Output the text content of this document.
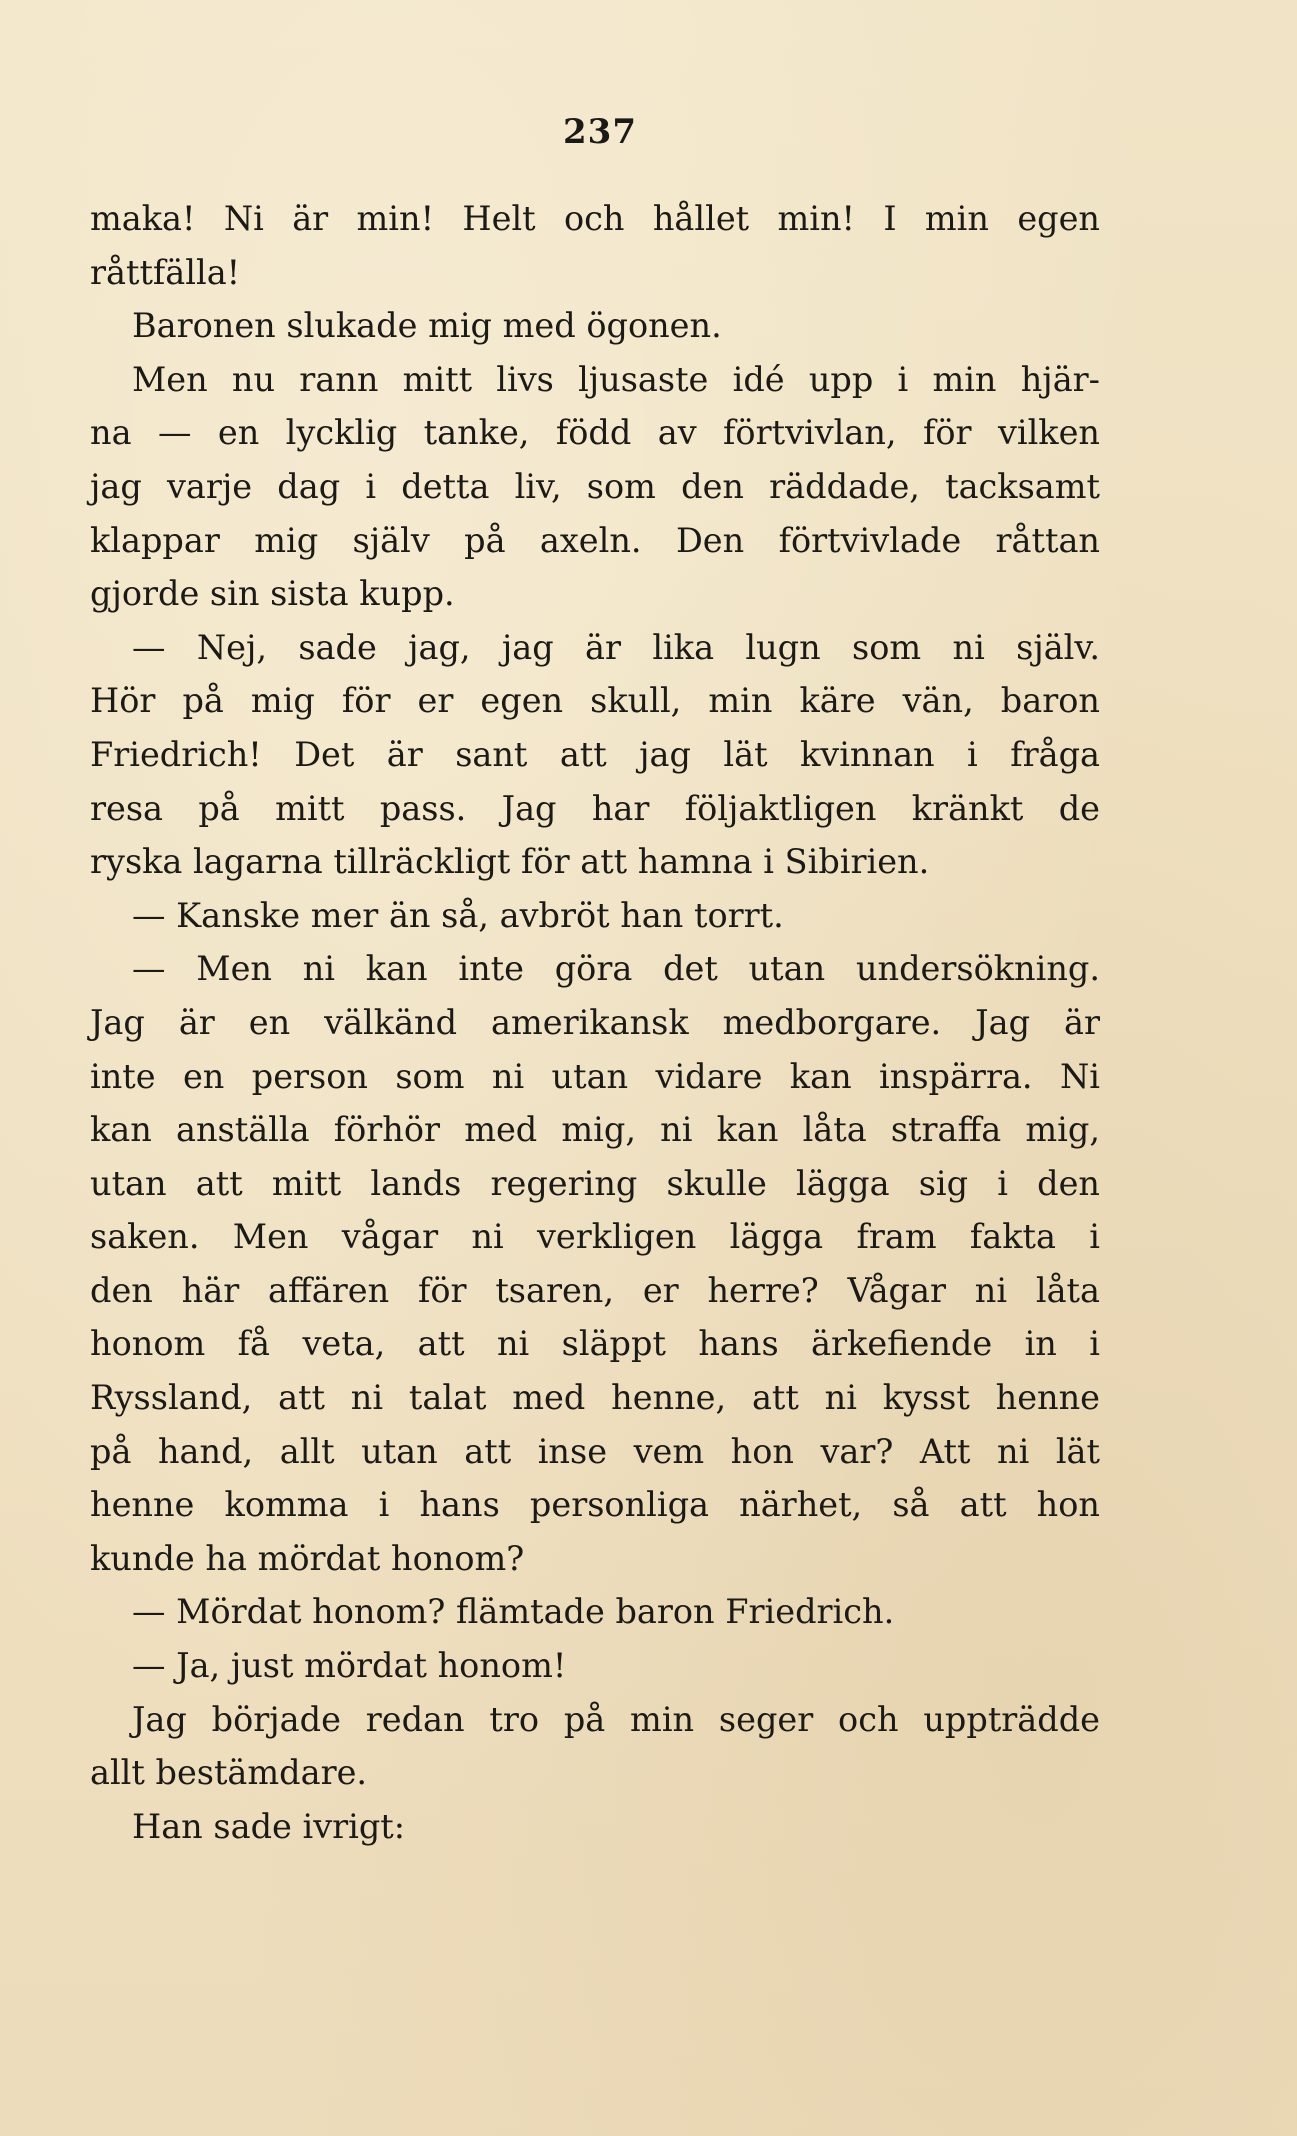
237
maka! Ni är min! Helt och hållet min! I min egen
råttfälla!
Baronen slukade mig med ögonen.
Men nu rann mitt livs ljusaste idé upp i min hjär-
na — en lycklig tanke, född av förtvivlan, för vilken
jag varje dag i detta liv, som den räddade, tacksamt
klappar mig själv på axeln. Den förtvivlade råttan
gjorde sin sista kupp.
— Nej, sade jag, jag är lika lugn som ni själv.
Hör på mig för er egen skull, min käre vän, baron
Friedrich! Det är sant att jag lät kvinnan i fråga
resa på mitt pass. Jag har följaktligen kränkt de
ryska lagarna tillräckligt för att hamna i Sibirien.
— Kanske mer än så, avbröt han torrt.
— Men ni kan inte göra det utan undersökning.
Jag är en välkänd amerikansk medborgare. Jag är
inte en person som ni utan vidare kan inspärra. Ni
kan anställa förhör med mig, ni kan låta straffa mig,
utan att mitt lands regering skulle lägga sig i den
saken. Men vågar ni verkligen lägga fram fakta i
den här affären för tsaren, er herre? Vågar ni låta
honom få veta, att ni släppt hans ärkefiende in i
Ryssland, att ni talat med henne, att ni kysst henne
på hand, allt utan att inse vem hon var? Att ni lät
henne komma i hans personliga närhet, så att hon
kunde ha mördat honom?
— Mördat honom? flämtade baron Friedrich.
— Ja, just mördat honom!
Jag började redan tro på min seger och uppträdde
allt bestämdare.
Han sade ivrigt:
